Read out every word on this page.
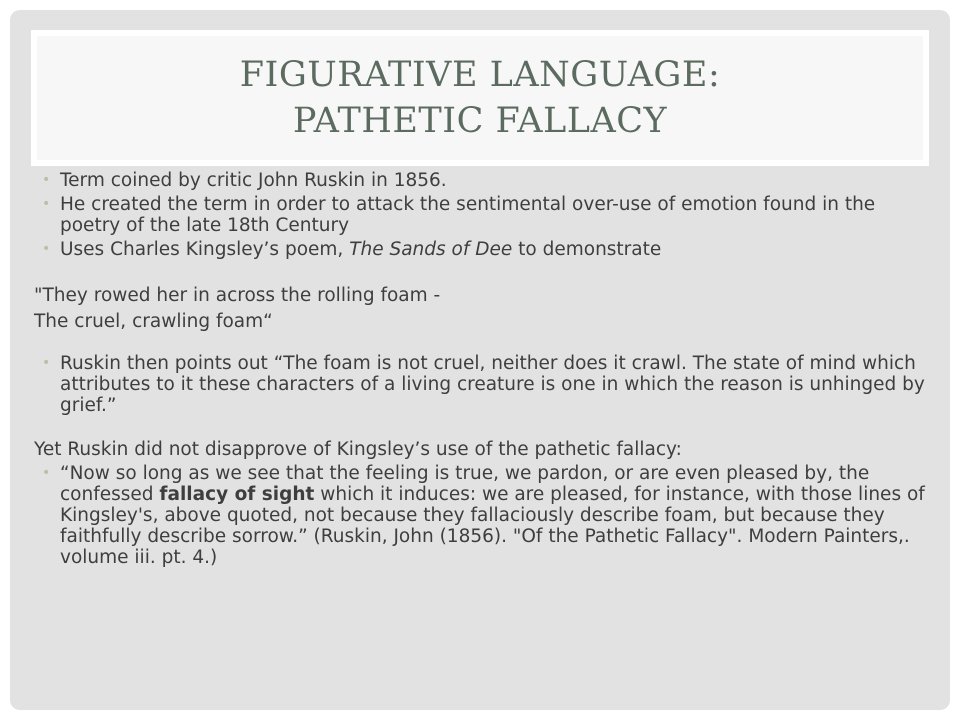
FIGURATIVE LANGUAGE:
PATHETIC FALLACY
• Term coined by critic John Ruskin in 1856.
• He created the term in order to attack the sentimental over-use of emotion found in the poetry of the late 18th Century
• Uses Charles Kingsley’s poem, The Sands of Dee to demonstrate
"They rowed her in across the rolling foam -
The cruel, crawling foam“
• Ruskin then points out “The foam is not cruel, neither does it crawl. The state of mind which attributes to it these characters of a living creature is one in which the reason is unhinged by grief.”
Yet Ruskin did not disapprove of Kingsley’s use of the pathetic fallacy:
• “Now so long as we see that the feeling is true, we pardon, or are even pleased by, the confessed fallacy of sight which it induces: we are pleased, for instance, with those lines of Kingsley's, above quoted, not because they fallaciously describe foam, but because they faithfully describe sorrow.” (Ruskin, John (1856). "Of the Pathetic Fallacy". Modern Painters,. volume iii. pt. 4.)
